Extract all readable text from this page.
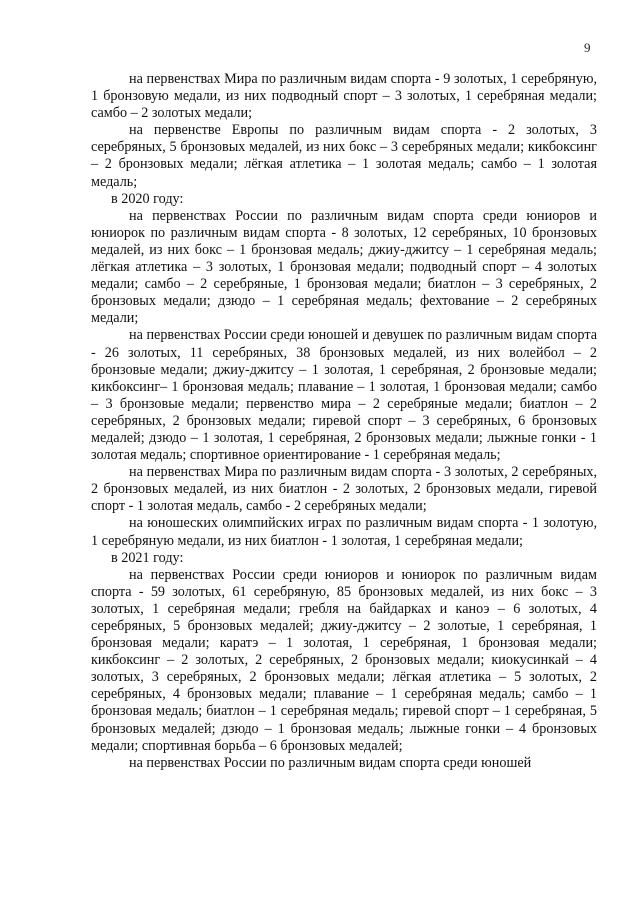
9

на первенствах Мира по различным видам спорта - 9 золотых, 1 серебряную, 1 бронзовую медали, из них подводный спорт – 3 золотых, 1 серебряная медали; самбо – 2 золотых медали;

на первенстве Европы по различным видам спорта - 2 золотых, 3 серебряных, 5 бронзовых медалей, из них бокс – 3 серебряных медали; кикбоксинг – 2 бронзовых медали; лёгкая атлетика – 1 золотая медаль; самбо – 1 золотая медаль;

в 2020 году:

на первенствах России по различным видам спорта среди юниоров и юниорок по различным видам спорта - 8 золотых, 12 серебряных, 10 бронзовых медалей, из них бокс – 1 бронзовая медаль; джиу-джитсу – 1 серебряная медаль; лёгкая атлетика – 3 золотых, 1 бронзовая медали; подводный спорт – 4 золотых медали; самбо – 2 серебряные, 1 бронзовая медали; биатлон – 3 серебряных, 2 бронзовых медали; дзюдо – 1 серебряная медаль; фехтование – 2 серебряных медали;

на первенствах России среди юношей и девушек по различным видам спорта - 26 золотых, 11 серебряных, 38 бронзовых медалей, из них волейбол – 2 бронзовые медали; джиу-джитсу – 1 золотая, 1 серебряная, 2 бронзовые медали; кикбоксинг– 1 бронзовая медаль; плавание – 1 золотая, 1 бронзовая медали; самбо – 3 бронзовые медали; первенство мира – 2 серебряные медали; биатлон – 2 серебряных, 2 бронзовых медали; гиревой спорт – 3 серебряных, 6 бронзовых медалей; дзюдо – 1 золотая, 1 серебряная, 2 бронзовых медали; лыжные гонки - 1 золотая медаль; спортивное ориентирование - 1 серебряная медаль;

на первенствах Мира по различным видам спорта - 3 золотых, 2 серебряных, 2 бронзовых медалей, из них биатлон - 2 золотых, 2 бронзовых медали, гиревой спорт - 1 золотая медаль, самбо - 2 серебряных медали;

на юношеских олимпийских играх по различным видам спорта - 1 золотую, 1 серебряную медали, из них биатлон - 1 золотая, 1 серебряная медали;

в 2021 году:

на первенствах России среди юниоров и юниорок по различным видам спорта - 59 золотых, 61 серебряную, 85 бронзовых медалей, из них бокс – 3 золотых, 1 серебряная медали; гребля на байдарках и каноэ – 6 золотых, 4 серебряных, 5 бронзовых медалей; джиу-джитсу – 2 золотые, 1 серебряная, 1 бронзовая медали; каратэ – 1 золотая, 1 серебряная, 1 бронзовая медали; кикбоксинг – 2 золотых, 2 серебряных, 2 бронзовых медали; киокусинкай – 4 золотых, 3 серебряных, 2 бронзовых медали; лёгкая атлетика – 5 золотых, 2 серебряных, 4 бронзовых медали; плавание – 1 серебряная медаль; самбо – 1 бронзовая медаль; биатлон – 1 серебряная медаль; гиревой спорт – 1 серебряная, 5 бронзовых медалей; дзюдо – 1 бронзовая медаль; лыжные гонки – 4 бронзовых медали; спортивная борьба – 6 бронзовых медалей;

на первенствах России по различным видам спорта среди юношей
